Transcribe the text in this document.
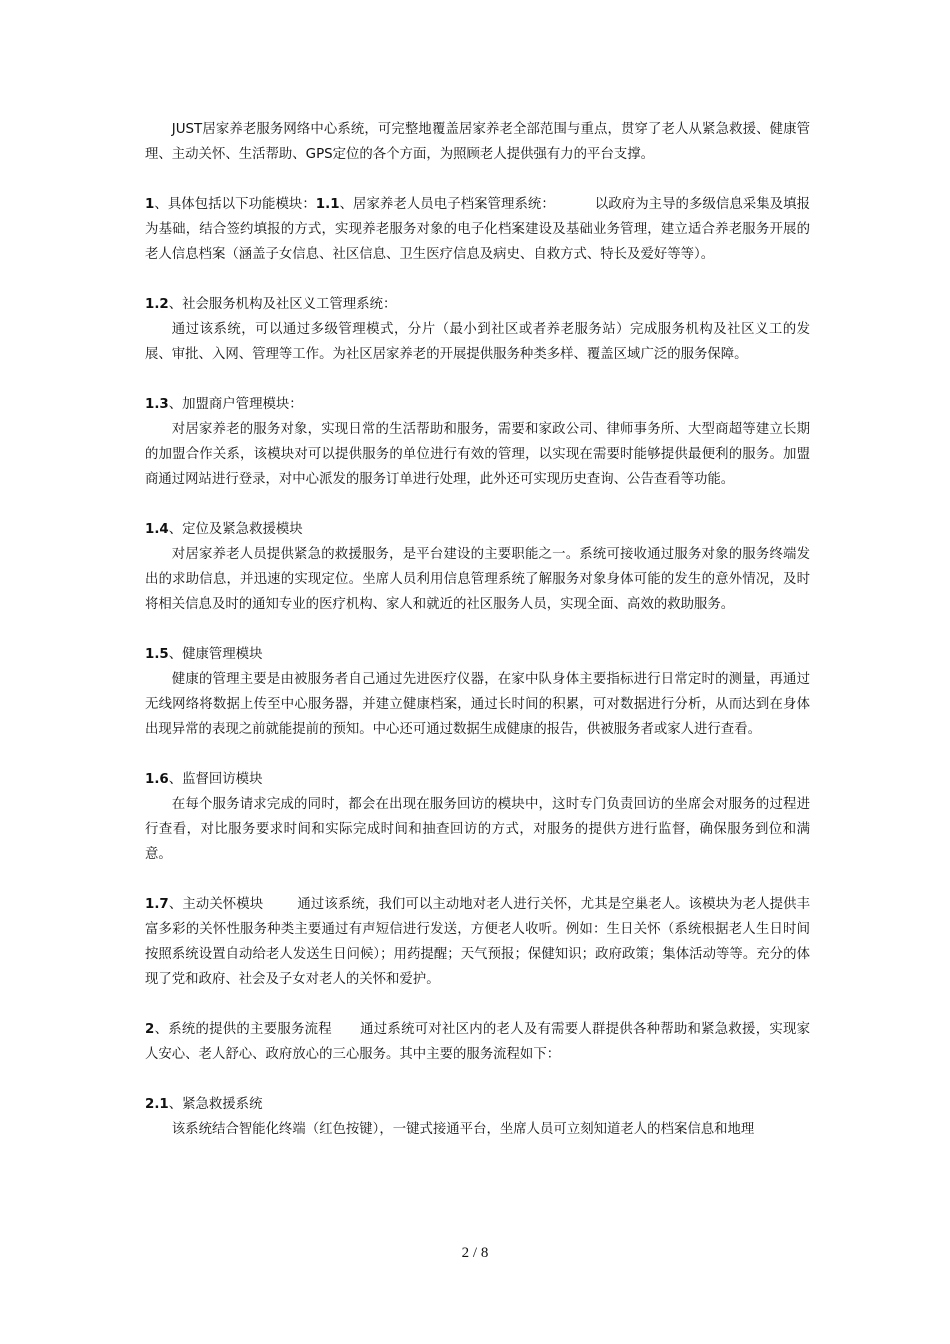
JUST居家养老服务网络中心系统，可完整地覆盖居家养老全部范围与重点，贯穿了老人从紧急救援、健康管理、主动关怀、生活帮助、GPS定位的各个方面，为照顾老人提供强有力的平台支撑。

1、具体包括以下功能模块：1.1、居家养老人员电子档案管理系统：	以政府为主导的多级信息采集及填报为基础，结合签约填报的方式，实现养老服务对象的电子化档案建设及基础业务管理，建立适合养老服务开展的老人信息档案（涵盖子女信息、社区信息、卫生医疗信息及病史、自救方式、特长及爱好等等）。

1.2、社会服务机构及社区义工管理系统：

通过该系统，可以通过多级管理模式，分片（最小到社区或者养老服务站）完成服务机构及社区义工的发展、审批、入网、管理等工作。为社区居家养老的开展提供服务种类多样、覆盖区域广泛的服务保障。

1.3、加盟商户管理模块：

对居家养老的服务对象，实现日常的生活帮助和服务，需要和家政公司、律师事务所、大型商超等建立长期的加盟合作关系，该模块对可以提供服务的单位进行有效的管理，以实现在需要时能够提供最便利的服务。加盟商通过网站进行登录，对中心派发的服务订单进行处理，此外还可实现历史查询、公告查看等功能。

1.4、定位及紧急救援模块

对居家养老人员提供紧急的救援服务，是平台建设的主要职能之一。系统可接收通过服务对象的服务终端发出的求助信息，并迅速的实现定位。坐席人员利用信息管理系统了解服务对象身体可能的发生的意外情况，及时将相关信息及时的通知专业的医疗机构、家人和就近的社区服务人员，实现全面、高效的救助服务。

1.5、健康管理模块

健康的管理主要是由被服务者自己通过先进医疗仪器，在家中队身体主要指标进行日常定时的测量，再通过无线网络将数据上传至中心服务器，并建立健康档案，通过长时间的积累，可对数据进行分析，从而达到在身体出现异常的表现之前就能提前的预知。中心还可通过数据生成健康的报告，供被服务者或家人进行查看。

1.6、监督回访模块

在每个服务请求完成的同时，都会在出现在服务回访的模块中，这时专门负责回访的坐席会对服务的过程进行查看，对比服务要求时间和实际完成时间和抽查回访的方式，对服务的提供方进行监督，确保服务到位和满意。

1.7、主动关怀模块	通过该系统，我们可以主动地对老人进行关怀，尤其是空巢老人。该模块为老人提供丰富多彩的关怀性服务种类主要通过有声短信进行发送，方便老人收听。例如：生日关怀（系统根据老人生日时间按照系统设置自动给老人发送生日问候）；用药提醒；天气预报；保健知识；政府政策；集体活动等等。充分的体现了党和政府、社会及子女对老人的关怀和爱护。

2、系统的提供的主要服务流程 通过系统可对社区内的老人及有需要人群提供各种帮助和紧急救援，实现家人安心、老人舒心、政府放心的三心服务。其中主要的服务流程如下：

2.1、紧急救援系统

该系统结合智能化终端（红色按键），一键式接通平台，坐席人员可立刻知道老人的档案信息和地理

2 / 8
